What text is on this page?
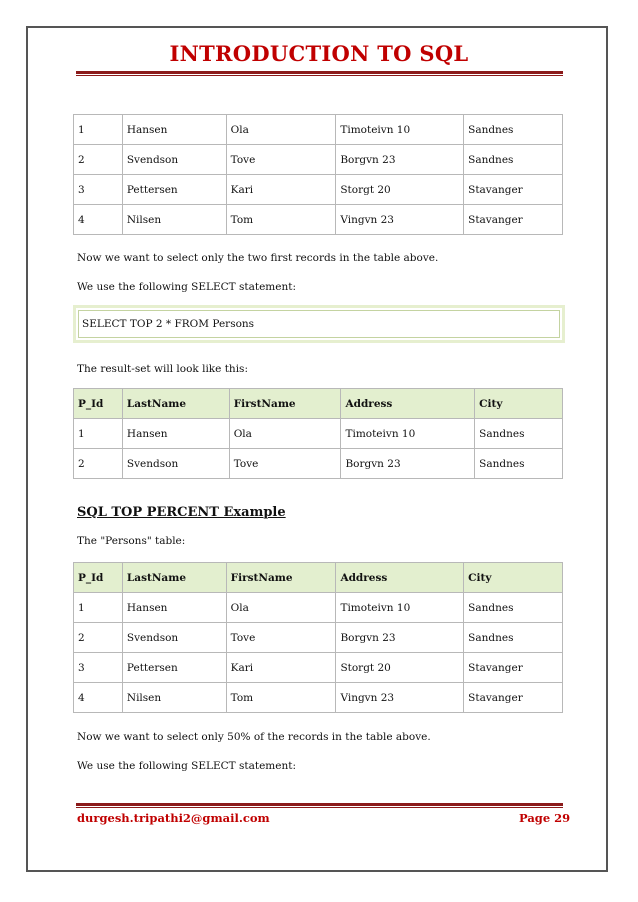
INTRODUCTION TO SQL
1	Hansen	Ola	Timoteivn 10	Sandnes
2	Svendson	Tove	Borgvn 23	Sandnes
3	Pettersen	Kari	Storgt 20	Stavanger
4	Nilsen	Tom	Vingvn 23	Stavanger
Now we want to select only the two first records in the table above.
We use the following SELECT statement:
SELECT TOP 2 * FROM Persons
The result-set will look like this:
P_Id	LastName	FirstName	Address	City
1	Hansen	Ola	Timoteivn 10	Sandnes
2	Svendson	Tove	Borgvn 23	Sandnes
SQL TOP PERCENT Example
The "Persons" table:
P_Id	LastName	FirstName	Address	City
1	Hansen	Ola	Timoteivn 10	Sandnes
2	Svendson	Tove	Borgvn 23	Sandnes
3	Pettersen	Kari	Storgt 20	Stavanger
4	Nilsen	Tom	Vingvn 23	Stavanger
Now we want to select only 50% of the records in the table above.
We use the following SELECT statement:
durgesh.tripathi2@gmail.com	Page 29
